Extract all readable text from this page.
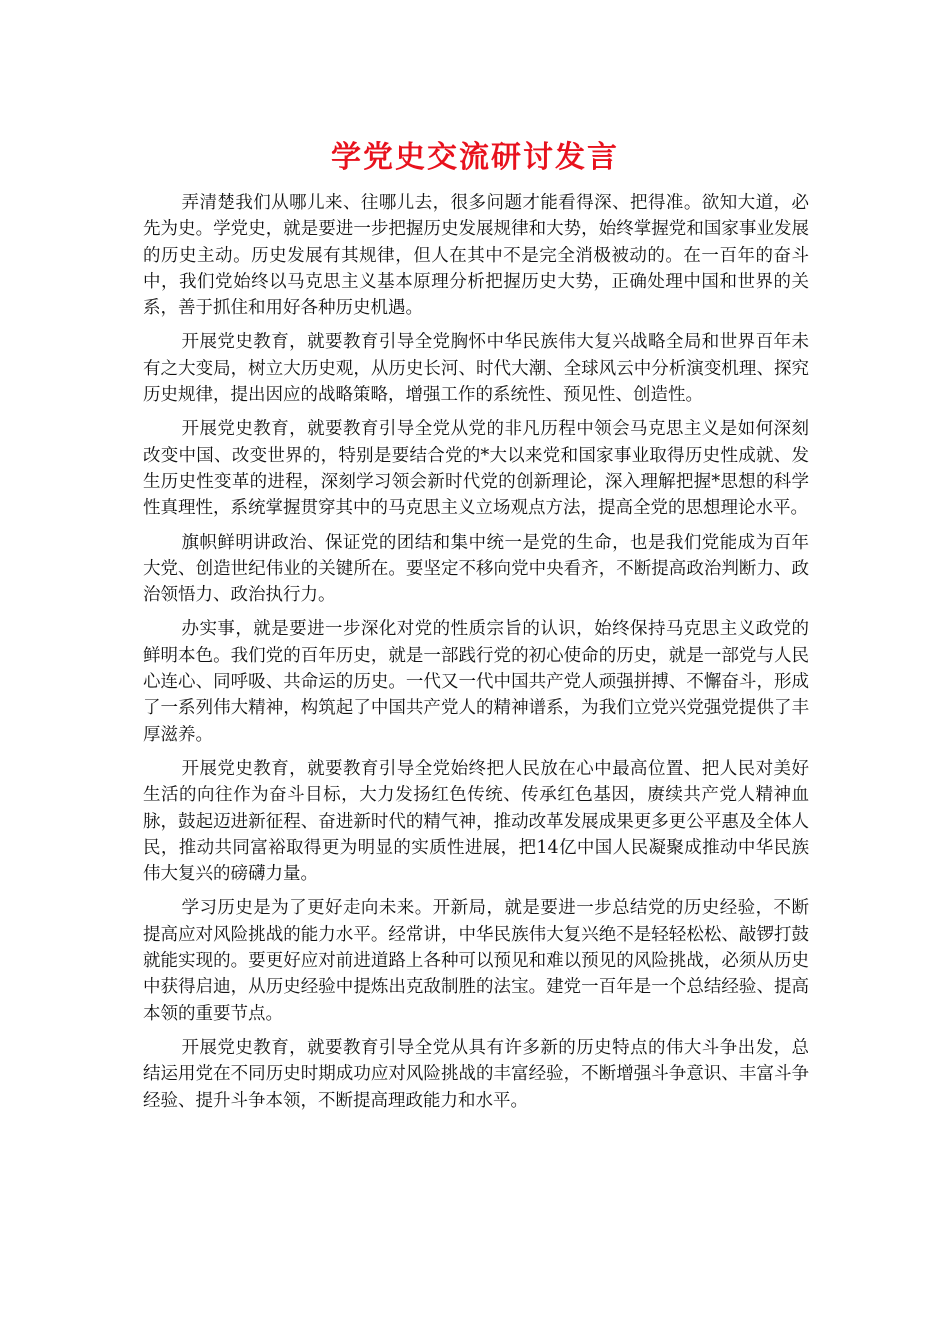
学党史交流研讨发言

弄清楚我们从哪儿来、往哪儿去，很多问题才能看得深、把得准。欲知大道，必先为史。学党史，就是要进一步把握历史发展规律和大势，始终掌握党和国家事业发展的历史主动。历史发展有其规律，但人在其中不是完全消极被动的。在一百年的奋斗中，我们党始终以马克思主义基本原理分析把握历史大势，正确处理中国和世界的关系，善于抓住和用好各种历史机遇。

开展党史教育，就要教育引导全党胸怀中华民族伟大复兴战略全局和世界百年未有之大变局，树立大历史观，从历史长河、时代大潮、全球风云中分析演变机理、探究历史规律，提出因应的战略策略，增强工作的系统性、预见性、创造性。

开展党史教育，就要教育引导全党从党的非凡历程中领会马克思主义是如何深刻改变中国、改变世界的，特别是要结合党的*大以来党和国家事业取得历史性成就、发生历史性变革的进程，深刻学习领会新时代党的创新理论，深入理解把握*思想的科学性真理性，系统掌握贯穿其中的马克思主义立场观点方法，提高全党的思想理论水平。

旗帜鲜明讲政治、保证党的团结和集中统一是党的生命，也是我们党能成为百年大党、创造世纪伟业的关键所在。要坚定不移向党中央看齐，不断提高政治判断力、政治领悟力、政治执行力。

办实事，就是要进一步深化对党的性质宗旨的认识，始终保持马克思主义政党的鲜明本色。我们党的百年历史，就是一部践行党的初心使命的历史，就是一部党与人民心连心、同呼吸、共命运的历史。一代又一代中国共产党人顽强拼搏、不懈奋斗，形成了一系列伟大精神，构筑起了中国共产党人的精神谱系，为我们立党兴党强党提供了丰厚滋养。

开展党史教育，就要教育引导全党始终把人民放在心中最高位置、把人民对美好生活的向往作为奋斗目标，大力发扬红色传统、传承红色基因，赓续共产党人精神血脉，鼓起迈进新征程、奋进新时代的精气神，推动改革发展成果更多更公平惠及全体人民，推动共同富裕取得更为明显的实质性进展，把14亿中国人民凝聚成推动中华民族伟大复兴的磅礴力量。

学习历史是为了更好走向未来。开新局，就是要进一步总结党的历史经验，不断提高应对风险挑战的能力水平。经常讲，中华民族伟大复兴绝不是轻轻松松、敲锣打鼓就能实现的。要更好应对前进道路上各种可以预见和难以预见的风险挑战，必须从历史中获得启迪，从历史经验中提炼出克敌制胜的法宝。建党一百年是一个总结经验、提高本领的重要节点。

开展党史教育，就要教育引导全党从具有许多新的历史特点的伟大斗争出发，总结运用党在不同历史时期成功应对风险挑战的丰富经验，不断增强斗争意识、丰富斗争经验、提升斗争本领，不断提高理政能力和水平。
